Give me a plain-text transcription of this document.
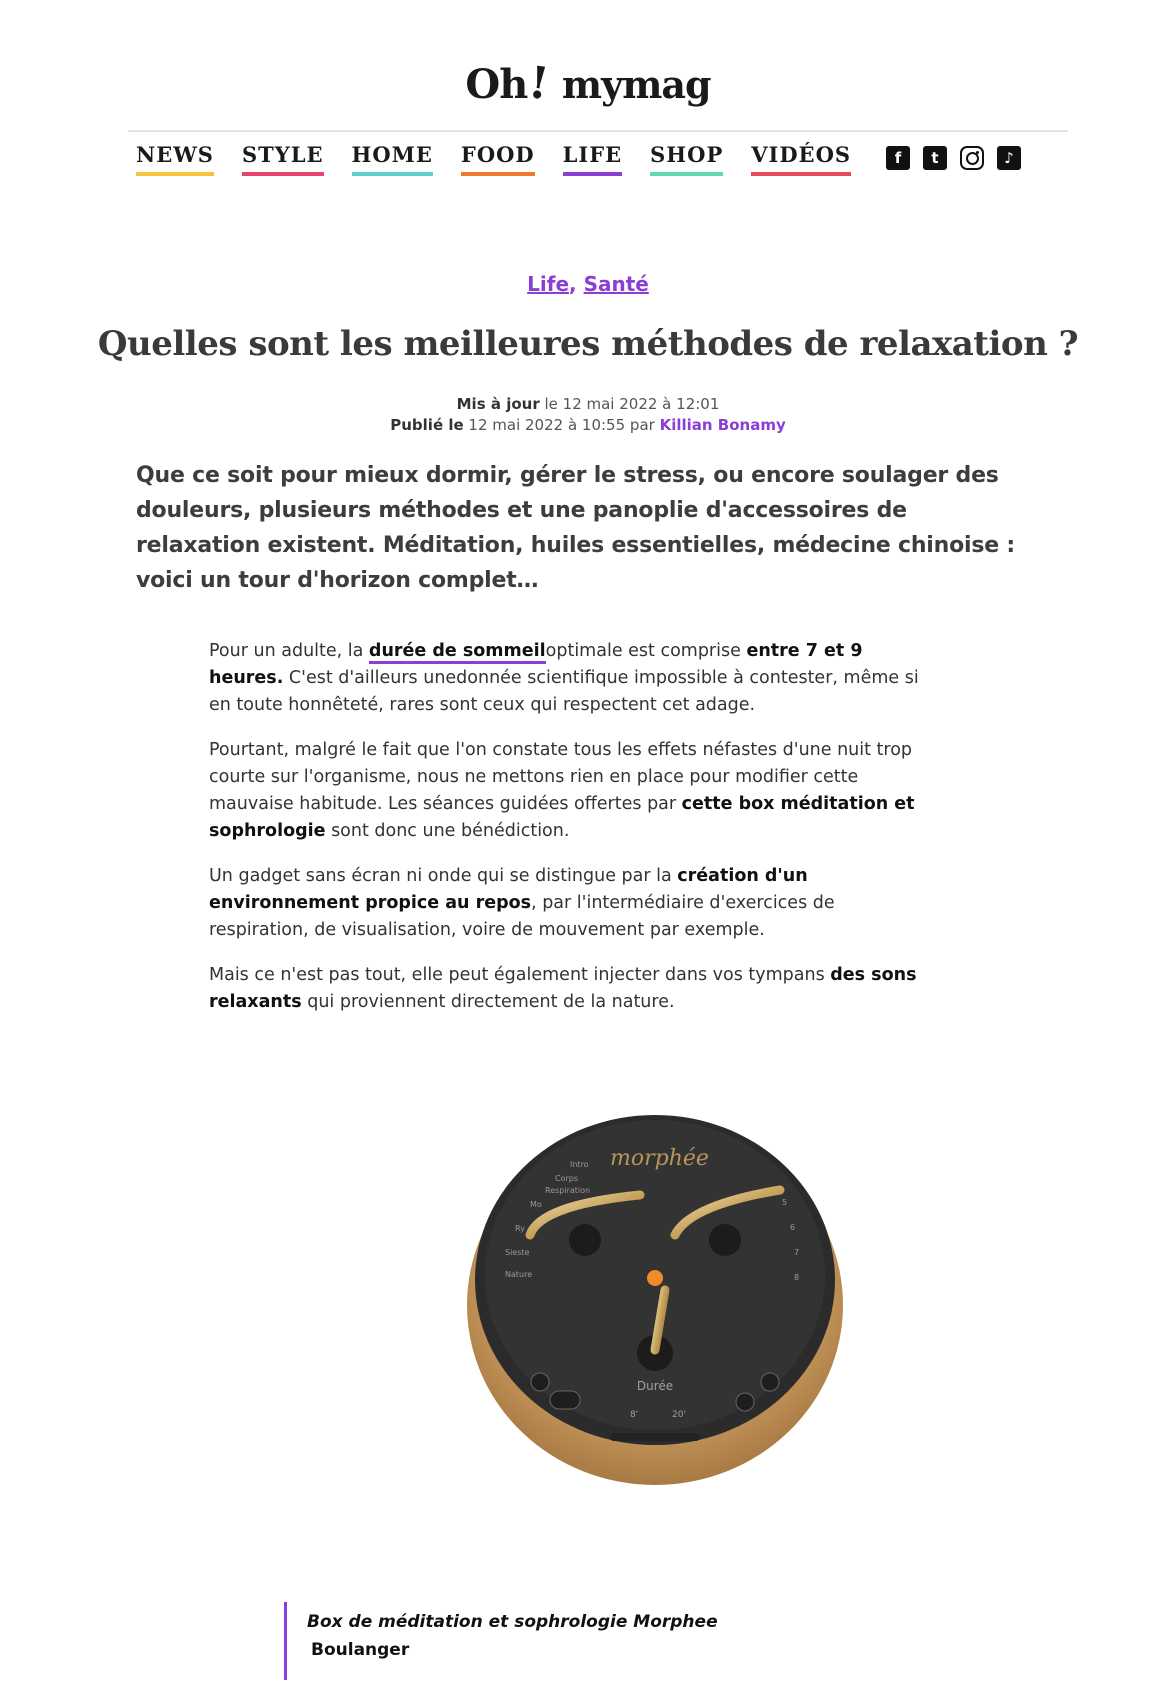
Oh! mymag
NEWS STYLE HOME FOOD LIFE SHOP VIDÉOS	f	t	♪
Life, Santé
Quelles sont les meilleures méthodes de relaxation ?
Mis à jour le 12 mai 2022 à 12:01
Publié le 12 mai 2022 à 10:55 par Killian Bonamy

Que ce soit pour mieux dormir, gérer le stress, ou encore soulager des douleurs, plusieurs méthodes et une panoplie d'accessoires de relaxation existent. Méditation, huiles essentielles, médecine chinoise : voici un tour d'horizon complet…

Pour un adulte, la durée de sommeiloptimale est comprise entre 7 et 9 heures. C'est d'ailleurs unedonnée scientifique impossible à contester, même si en toute honnêteté, rares sont ceux qui respectent cet adage.

Pourtant, malgré le fait que l'on constate tous les effets néfastes d'une nuit trop courte sur l'organisme, nous ne mettons rien en place pour modifier cette mauvaise habitude. Les séances guidées offertes par cette box méditation et sophrologie sont donc une bénédiction.

Un gadget sans écran ni onde qui se distingue par la création d'un environnement propice au repos, par l'intermédiaire d'exercices de respiration, de visualisation, voire de mouvement par exemple.

Mais ce n'est pas tout, elle peut également injecter dans vos tympans des sons relaxants qui proviennent directement de la nature.

morphée
Intro
Corps
Respiration
Mo
Ry
Sieste
Nature
5
6
7
8
Durée
8'	20'
Box de méditation et sophrologie Morphee
Boulanger
